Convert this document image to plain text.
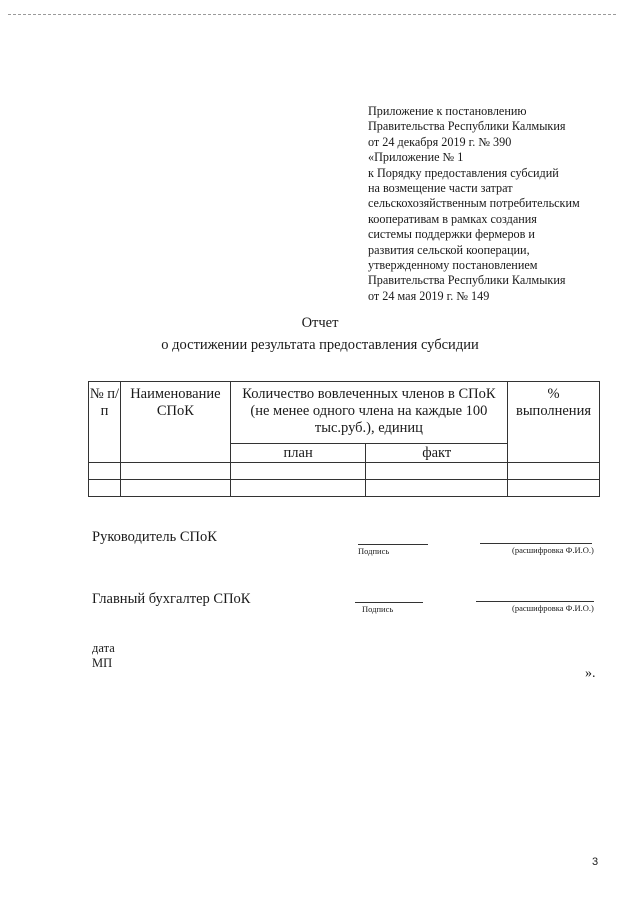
Приложение к постановлению
Правительства Республики Калмыкия
от 24 декабря 2019 г. № 390
«Приложение № 1
к Порядку предоставления субсидий
на возмещение части затрат
сельскохозяйственным потребительским
кооперативам в рамках создания
системы поддержки фермеров и
развития сельской кооперации,
утвержденному постановлением
Правительства Республики Калмыкия
от 24 мая 2019 г. № 149
Отчет
о достижении результата предоставления субсидии
№ п/п	Наименование СПоК	Количество вовлеченных членов в СПоК (не менее одного члена на каждые 100 тыс.руб.), единиц		% выполнения
		план	факт	

Руководитель СПоК
Подпись	(расшифровка Ф.И.О.)
Главный бухгалтер СПоК
Подпись	(расшифровка Ф.И.О.)
дата
МП
».
3
